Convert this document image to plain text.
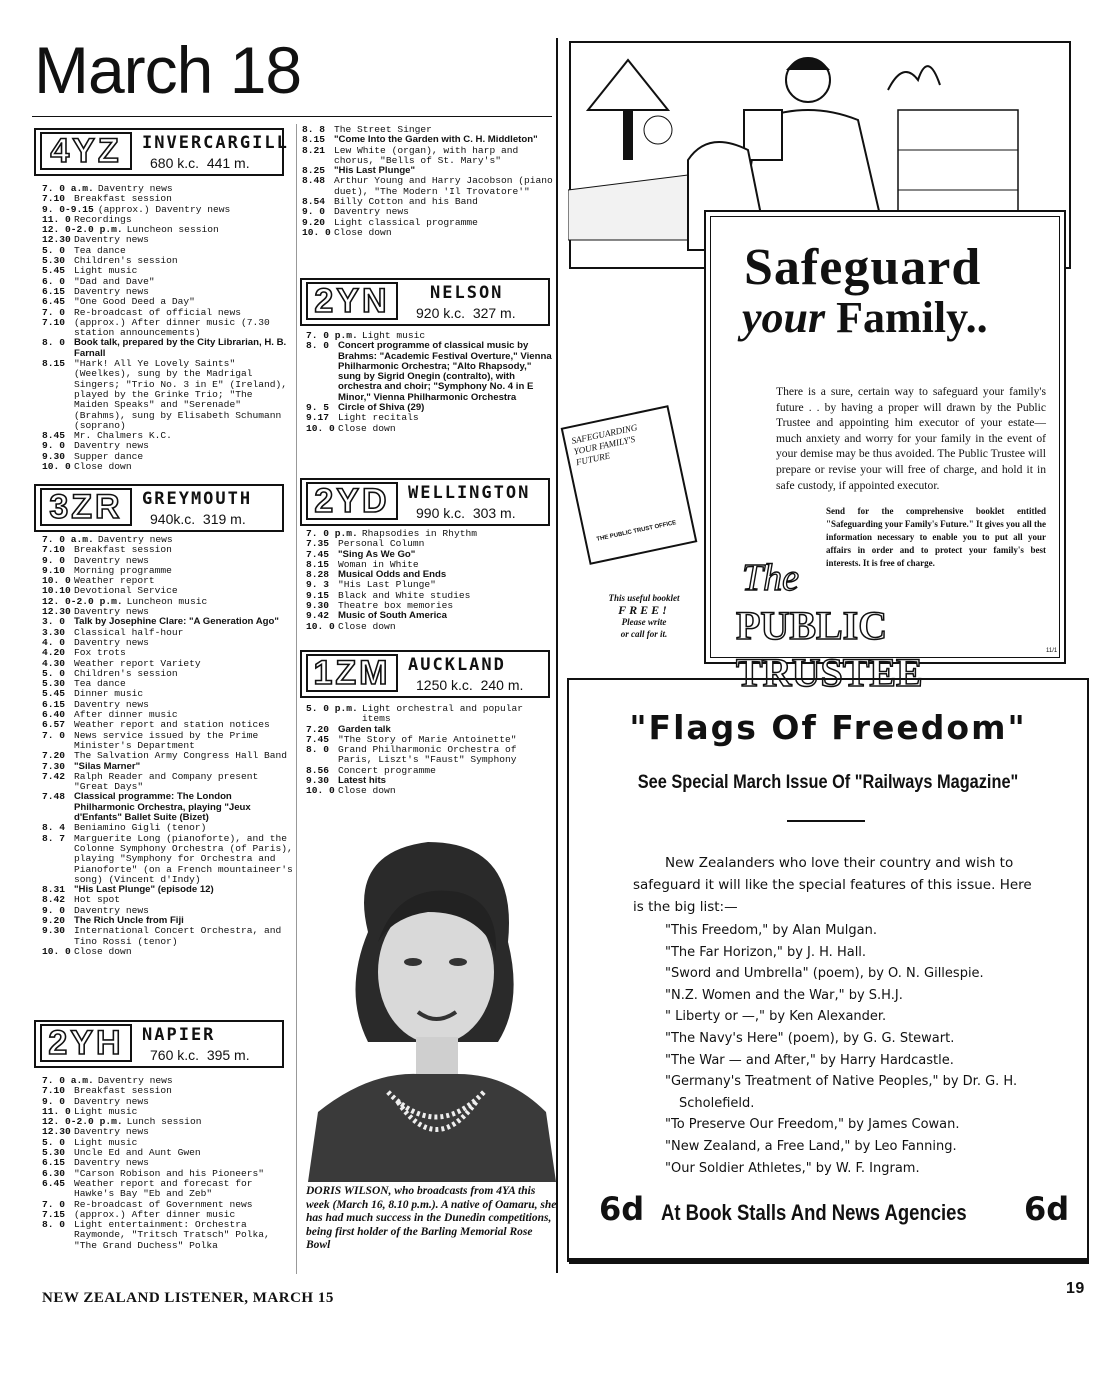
March 18
4YZ	INVERCARGILL
680 k.c. 441 m.
7. 0 a.m. Daventry news
7.10 Breakfast session
9. 0-9.15 (approx.) Daventry news
11. 0 Recordings
12. 0-2.0 p.m. Luncheon session
12.30 Daventry news
5. 0 Tea dance
5.30 Children's session
5.45 Light music
6. 0 "Dad and Dave"
6.15 Daventry news
6.45 "One Good Deed a Day"
7. 0 Re-broadcast of official news
7.10 (approx.) After dinner music (7.30 station announcements)
8. 0 Book talk, prepared by the City Librarian, H. B. Farnall
8.15 "Hark! All Ye Lovely Saints" (Weelkes), sung by the Madrigal Singers; "Trio No. 3 in E" (Ireland), played by the Grinke Trio; "The Maiden Speaks" and "Serenade" (Brahms), sung by Elisabeth Schumann (soprano)
8.45 Mr. Chalmers K.C.
9. 0 Daventry news
9.30 Supper dance
10. 0 Close down
3ZR	GREYMOUTH
940k.c. 319 m.
7. 0 a.m. Daventry news
7.10 Breakfast session
9. 0 Daventry news
9.10 Morning programme
10. 0 Weather report
10.10 Devotional Service
12. 0-2.0 p.m. Luncheon music
12.30 Daventry news
3. 0 Talk by Josephine Clare: "A Generation Ago"
3.30 Classical half-hour
4. 0 Daventry news
4.20 Fox trots
4.30 Weather report Variety
5. 0 Children's session
5.30 Tea dance
5.45 Dinner music
6.15 Daventry news
6.40 After dinner music
6.57 Weather report and station notices
7. 0 News service issued by the Prime Minister's Department
7.20 The Salvation Army Congress Hall Band
7.30 "Silas Marner"
7.42 Ralph Reader and Company present "Great Days"
7.48 Classical programme: The London Philharmonic Orchestra, playing "Jeux d'Enfants" Ballet Suite (Bizet)
8. 4 Beniamino Gigli (tenor)
8. 7 Marguerite Long (pianoforte), and the Colonne Symphony Orchestra (of Paris), playing "Symphony for Orchestra and Pianoforte" (on a French mountaineer's song) (Vincent d'Indy)
8.31 "His Last Plunge" (episode 12)
8.42 Hot spot
9. 0 Daventry news
9.20 The Rich Uncle from Fiji
9.30 International Concert Orchestra, and Tino Rossi (tenor)
10. 0 Close down
2YH	NAPIER
760 k.c. 395 m.
7. 0 a.m. Daventry news
7.10 Breakfast session
9. 0 Daventry news
11. 0 Light music
12. 0-2.0 p.m. Lunch session
12.30 Daventry news
5. 0 Light music
5.30 Uncle Ed and Aunt Gwen
6.15 Daventry news
6.30 "Carson Robison and his Pioneers"
6.45 Weather report and forecast for Hawke's Bay "Eb and Zeb"
7. 0 Re-broadcast of Government news
7.15 (approx.) After dinner music
8. 0 Light entertainment: Orchestra Raymonde, "Tritsch Tratsch" Polka, "The Grand Duchess" Polka
8. 8 The Street Singer
8.15 "Come Into the Garden with C. H. Middleton"
8.21 Lew White (organ), with harp and chorus, "Bells of St. Mary's"
8.25 "His Last Plunge"
8.48 Arthur Young and Harry Jacobson (piano duet), "The Modern 'Il Trovatore'"
8.54 Billy Cotton and his Band
9. 0 Daventry news
9.20 Light classical programme
10. 0 Close down
2YN	NELSON
920 k.c. 327 m.
7. 0 p.m. Light music
8. 0 Concert programme of classical music by Brahms: "Academic Festival Overture," Vienna Philharmonic Orchestra; "Alto Rhapsody," sung by Sigrid Onegin (contralto), with orchestra and choir; "Symphony No. 4 in E Minor," Vienna Philharmonic Orchestra
9. 5 Circle of Shiva (29)
9.17 Light recitals
10. 0 Close down
2YD	WELLINGTON
990 k.c. 303 m.
7. 0 p.m. Rhapsodies in Rhythm
7.35 Personal Column
7.45 "Sing As We Go"
8.15 Woman in White
8.28 Musical Odds and Ends
9. 3 "His Last Plunge"
9.15 Black and White studies
9.30 Theatre box memories
9.42 Music of South America
10. 0 Close down
1ZM	AUCKLAND
1250 k.c. 240 m.
5. 0 p.m. Light orchestral and popular items
7.20 Garden talk
7.45 "The Story of Marie Antoinette"
8. 0 Grand Philharmonic Orchestra of Paris, Liszt's "Faust" Symphony
8.56 Concert programme
9.30 Latest hits
10. 0 Close down
DORIS WILSON, who broadcasts from 4YA this week (March 16, 8.10 p.m.). A native of Oamaru, she has had much success in the Dunedin competitions, being first holder of the Barling Memorial Rose Bowl
Safeguard
your Family..
There is a sure, certain way to safeguard your family's future . . by having a proper will drawn by the Public Trustee and appointing him executor of your estate—much anxiety and worry for your family in the event of your demise may be thus avoided. The Public Trustee will prepare or revise your will free of charge, and hold it in safe custody, if appointed executor.
Send for the comprehensive booklet entitled "Safeguarding your Family's Future." It gives you all the information necessary to enable you to put all your affairs in order and to protect your family's best interests. It is free of charge.
SAFEGUARDING YOUR FAMILY'S FUTURE
THE PUBLIC TRUST OFFICE
This useful booklet
FREE!
Please write
or call for it.
The
PUBLIC TRUSTEE	11/1
"Flags Of Freedom"
See Special March Issue Of "Railways Magazine"
New Zealanders who love their country and wish to safeguard it will like the special features of this issue. Here is the big list:—
"This Freedom," by Alan Mulgan.
"The Far Horizon," by J. H. Hall.
"Sword and Umbrella" (poem), by O. N. Gillespie.
"N.Z. Women and the War," by S.H.J.
" Liberty or —," by Ken Alexander.
"The Navy's Here" (poem), by G. G. Stewart.
"The War — and After," by Harry Hardcastle.
"Germany's Treatment of Native Peoples," by Dr. G. H. Scholefield.
"To Preserve Our Freedom," by James Cowan.
"New Zealand, a Free Land," by Leo Fanning.
"Our Soldier Athletes," by W. F. Ingram.
6d At Book Stalls And News Agencies 6d
NEW ZEALAND LISTENER, MARCH 15
19
